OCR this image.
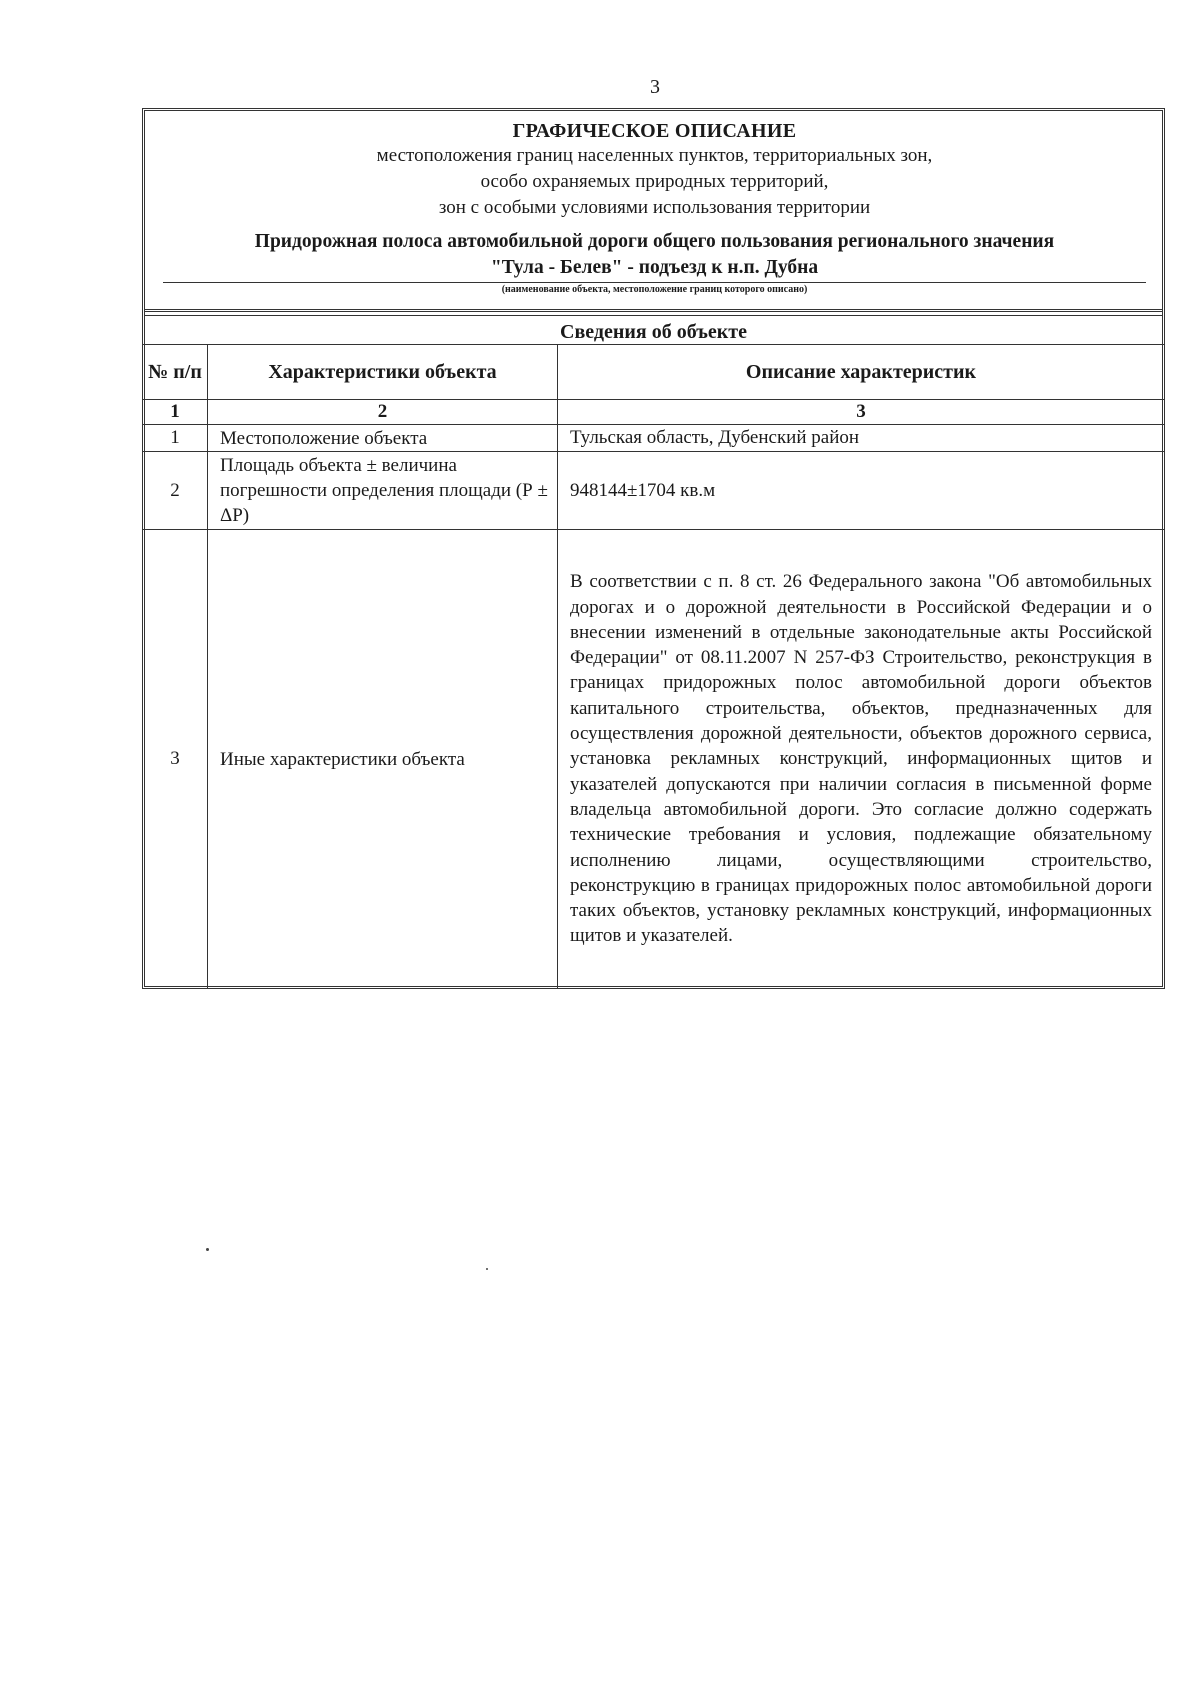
3
ГРАФИЧЕСКОЕ ОПИСАНИЕ
местоположения границ населенных пунктов, территориальных зон,
особо охраняемых природных территорий,
зон с особыми условиями использования территории
Придорожная полоса автомобильной дороги общего пользования регионального значения
"Тула - Белев" - подъезд к н.п. Дубна
(наименование объекта, местоположение границ которого описано)
Сведения об объекте
№ п/п	Характеристики объекта	Описание характеристик
1	2	3
1	Местоположение объекта	Тульская область, Дубенский район
2	Площадь объекта ± величина погрешности определения площади (Р ± ΔР)	948144±1704 кв.м
3	Иные характеристики объекта	В соответствии с п. 8 ст. 26 Федерального закона "Об автомобильных дорогах и о дорожной деятельности в Российской Федерации и о внесении изменений в отдельные законодательные акты Российской Федерации" от 08.11.2007 N 257-ФЗ Строительство, реконструкция в границах придорожных полос автомобильной дороги объектов капитального строительства, объектов, предназначенных для осуществления дорожной деятельности, объектов дорожного сервиса, установка рекламных конструкций, информационных щитов и указателей допускаются при наличии согласия в письменной форме владельца автомобильной дороги. Это согласие должно содержать технические требования и условия, подлежащие обязательному исполнению лицами, осуществляющими строительство, реконструкцию в границах придорожных полос автомобильной дороги таких объектов, установку рекламных конструкций, информационных щитов и указателей.
